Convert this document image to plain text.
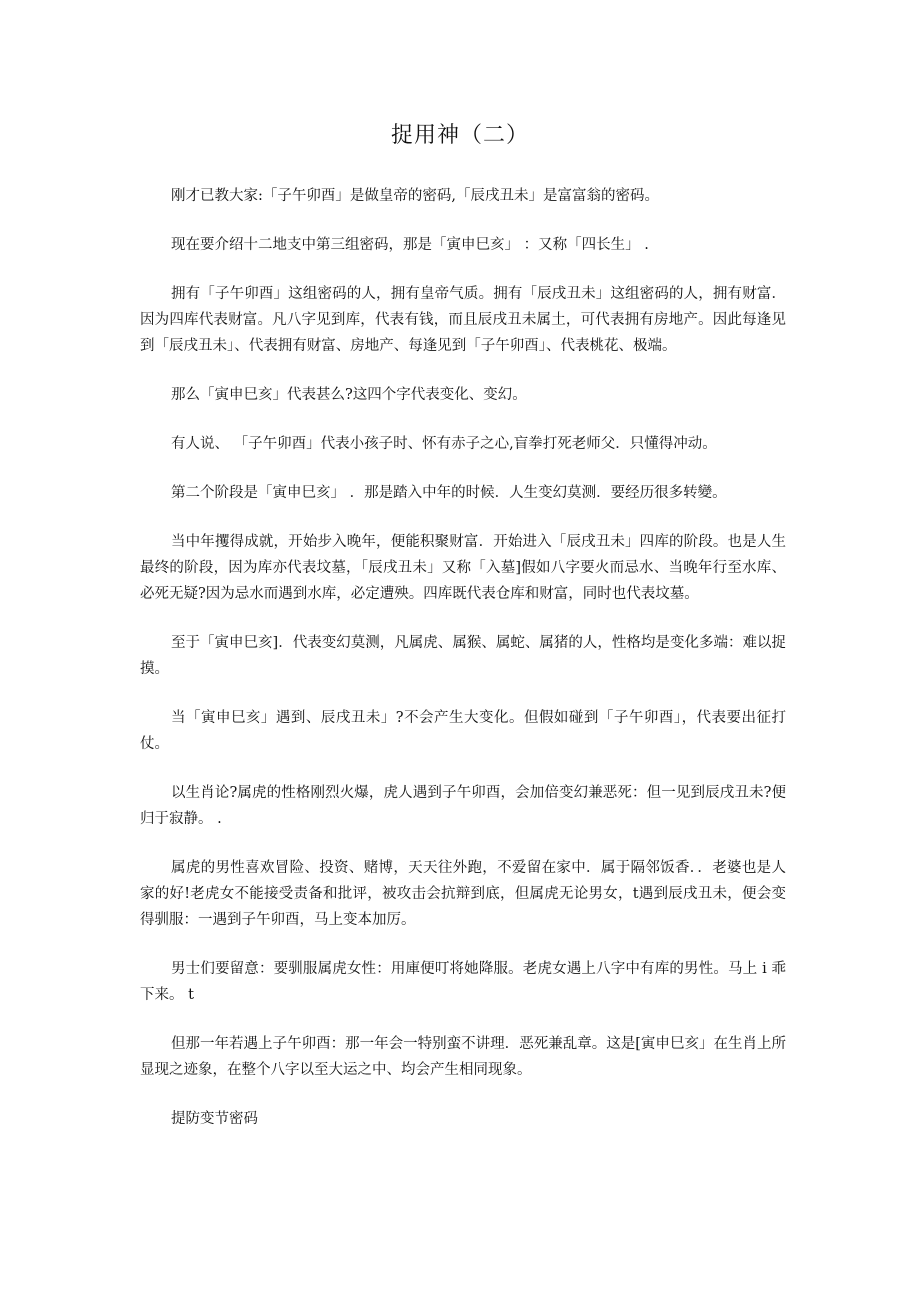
捉用神（二）

刚才已教大家:「子午卯酉」是做皇帝的密码,「辰戌丑未」是富富翁的密码。

现在要介绍十二地支中第三组密码，那是「寅申巳亥」 ：又称「四长生」 .

拥有「子午卯酉」这组密码的人，拥有皇帝气质。拥有「辰戌丑未」这组密码的人，拥有财富．因为四库代表财富。凡八字见到库，代表有钱，而且辰戌丑未属土，可代表拥有房地产。因此每逢见到「辰戌丑未」、代表拥有财富、房地产、每逢见到「子午卯酉」、代表桃花、极端。

那么「寅申巳亥」代表甚么?这四个字代表变化、变幻。

有人说、 「子午卯酉」代表小孩子时、怀有赤子之心,盲拳打死老师父．只懂得冲动。

第二个阶段是「寅申巳亥」 ．那是踏入中年的时候．人生变幻莫测．要经历很多转變。

当中年攫得成就，开始步入晚年，便能积聚财富．开始进入「辰戌丑未」四库的阶段。也是人生最终的阶段，因为库亦代表坟墓，「辰戌丑未」又称「入墓]假如八字要火而忌水、当晚年行至水库、必死无疑?因为忌水而遇到水库，必定遭殃。四库既代表仓库和财富，同时也代表坟墓。

至于「寅申巳亥]．代表变幻莫测，凡属虎、属猴、属蛇、属猪的人，性格均是变化多端：难以捉摸。

当「寅申巳亥」遇到、辰戌丑未」?不会产生大变化。但假如碰到「子午卯酉」，代表要出征打仗。

以生肖论?属虎的性格刚烈火爆，虎人遇到子午卯酉，会加倍变幻兼恶死：但一见到辰戌丑未?便归于寂静。 .

属虎的男性喜欢冒险、投资、赌博，天天往外跑，不爱留在家中．属于隔邻饭香．．老婆也是人家的好!老虎女不能接受责备和批评，被攻击会抗辩到底，但属虎无论男女，t遇到辰戌丑未，便会变得驯服：一遇到子午卯酉，马上变本加厉。

男士们要留意：要驯服属虎女性：用庫便叮将她降服。老虎女遇上八字中有库的男性。马上 i 乖下来。 t

但那一年若遇上子午卯酉：那一年会一特别蛮不讲理．恶死兼乱章。这是[寅申巳亥」在生肖上所显现之迹象，在整个八字以至大运之中、均会产生相同现象。

提防变节密码
